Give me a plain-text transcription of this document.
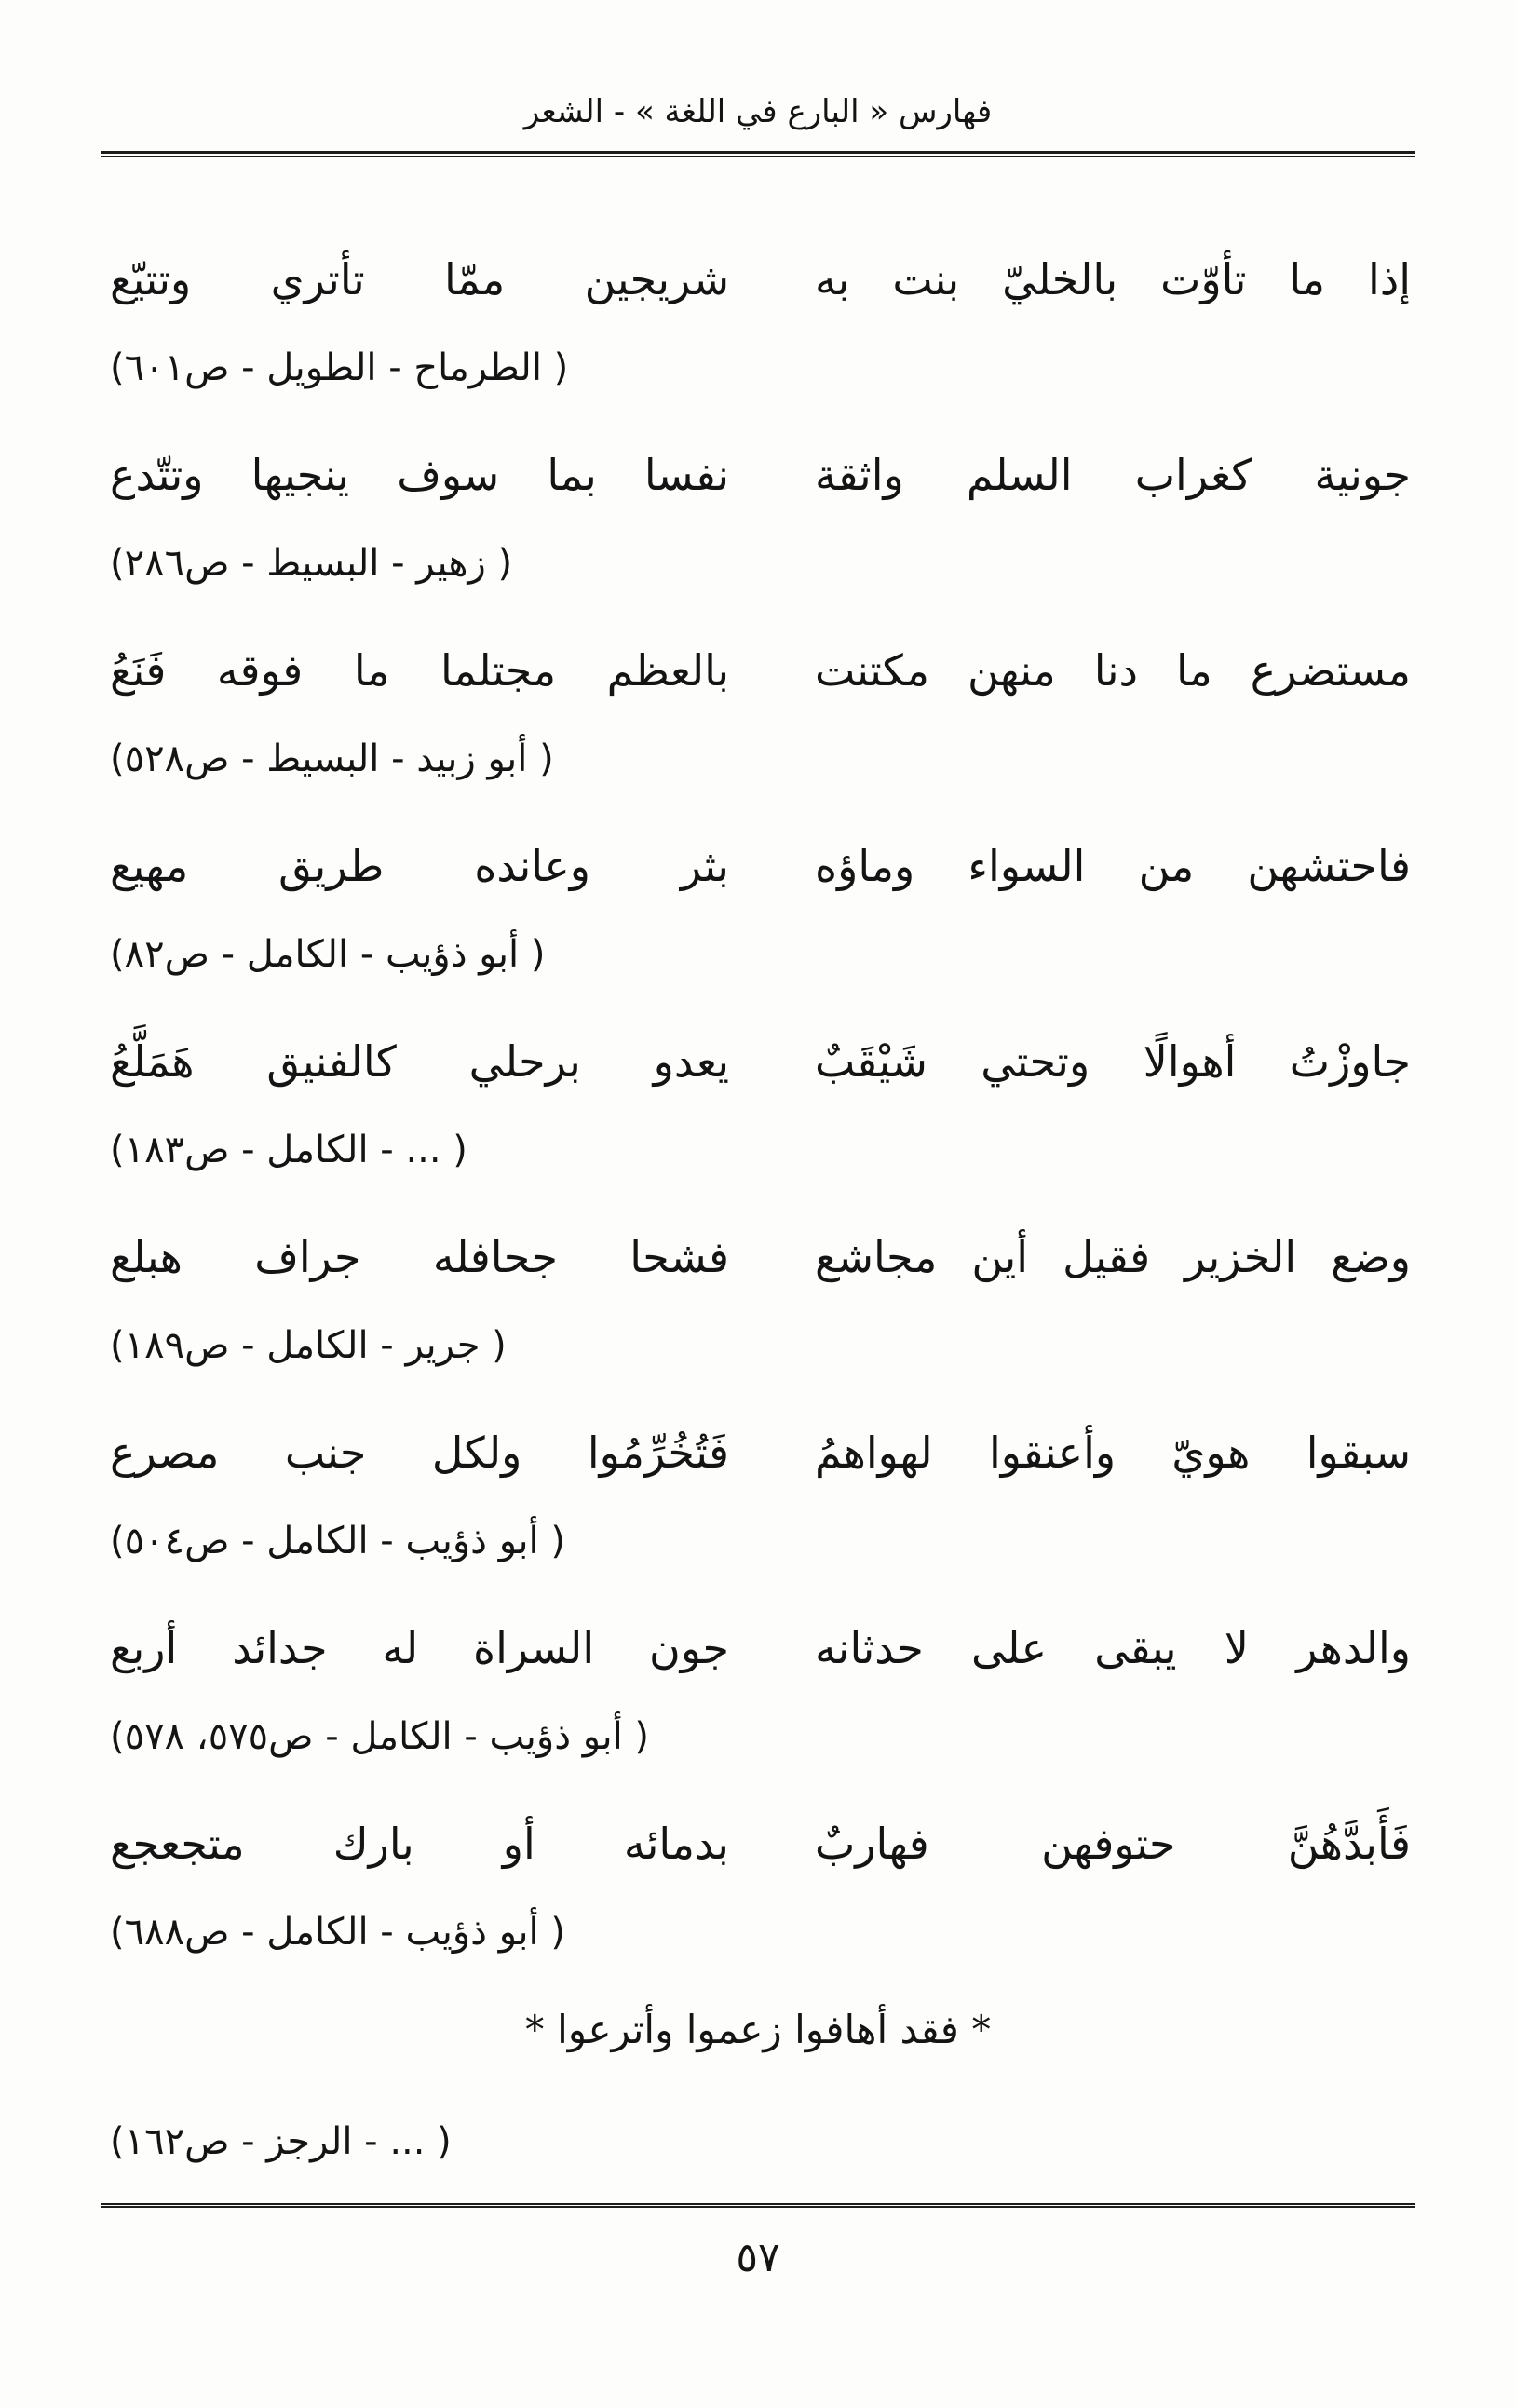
فهارس « البارع في اللغة » - الشعر
إذا ما تأوّت بالخليّ بنت به
شريجين ممّا تأتري وتتيّع
( الطرماح - الطويل - ص٦٠١)
جونية كغراب السلم واثقة
نفسا بما سوف ينجيها وتتّدع
( زهير - البسيط - ص٢٨٦)
مستضرع ما دنا منهن مكتنت
بالعظم مجتلما ما فوقه فَنَعُ
( أبو زبيد - البسيط - ص٥٢٨)
فاحتشهن من السواء وماؤه
بثر وعانده طريق مهيع
( أبو ذؤيب - الكامل - ص٨٢)
جاوزْتُ أهوالًا وتحتي شَيْقَبٌ
يعدو برحلي كالفنيق هَمَلَّعُ
( ... - الكامل - ص١٨٣)
وضع الخزير فقيل أين مجاشع
فشحا جحافله جراف هبلع
( جرير - الكامل - ص١٨٩)
سبقوا هويّ وأعنقوا لهواهمُ
فَتُخُرِّمُوا ولكل جنب مصرع
( أبو ذؤيب - الكامل - ص٥٠٤)
والدهر لا يبقى على حدثانه
جون السراة له جدائد أربع
( أبو ذؤيب - الكامل - ص٥٧٥، ٥٧٨)
فَأَبدَّهُنَّ حتوفهن فهاربٌ
بدمائه أو بارك متجعجع
( أبو ذؤيب - الكامل - ص٦٨٨)
* فقد أهافوا زعموا وأترعوا *
( ... - الرجز - ص١٦٢)
٥٧
